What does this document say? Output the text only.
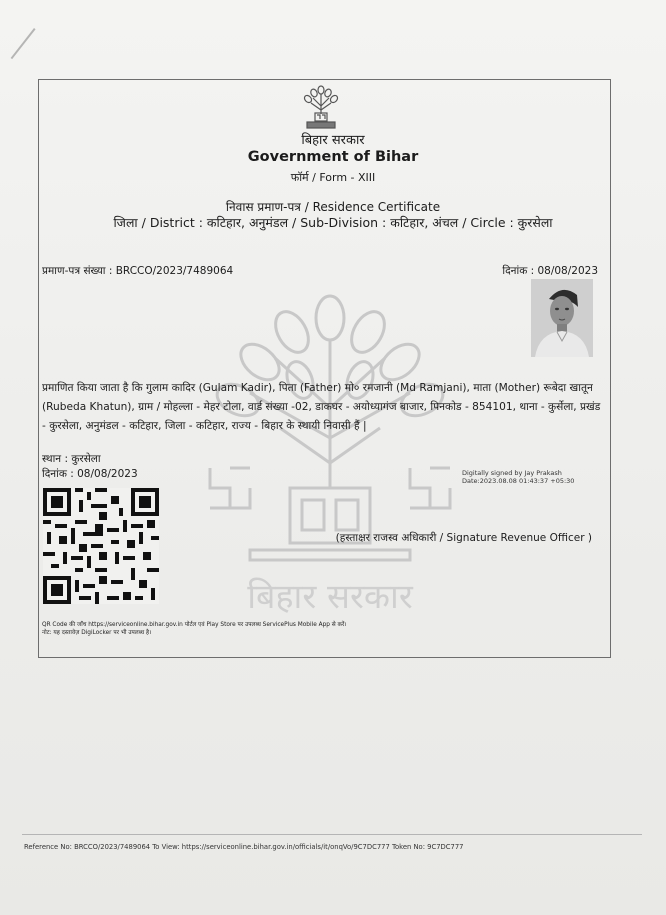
बिहार सरकार
Government of Bihar
फॉर्म / Form - XIII
निवास प्रमाण-पत्र / Residence Certificate
जिला / District : कटिहार, अनुमंडल / Sub-Division : कटिहार, अंचल / Circle : कुरसेला
प्रमाण-पत्र संख्या : BRCCO/2023/7489064	दिनांक : 08/08/2023
बिहार सरकार
प्रमाणित किया जाता है कि गुलाम कादिर (Gulam Kadir), पिता (Father) मो० रमजानी (Md Ramjani), माता (Mother) रूबेदा खातून (Rubeda Khatun), ग्राम / मोहल्ला - मेहर टोला, वार्ड संख्या -02, डाकघर - अयोध्यागंज बाजार, पिनकोड - 854101, थाना - कुर्सेला, प्रखंड - कुरसेला, अनुमंडल - कटिहार, जिला - कटिहार, राज्य - बिहार के स्थायी निवासी हैं |
स्थान : कुरसेला
दिनांक : 08/08/2023	Digitally signed by Jay Prakash
Date:2023.08.08 01:43:37 +05:30
(हस्ताक्षर राजस्व अधिकारी / Signature Revenue Officer )
QR Code की जाँच https://serviceonline.bihar.gov.in पोर्टल एवं Play Store पर उपलब्ध ServicePlus Mobile App से करें।
नोट: यह दस्तावेज़ DigiLocker पर भी उपलब्ध है।
Reference No: BRCCO/2023/7489064 To View: https://serviceonline.bihar.gov.in/officials/it/onqVo/9C7DC777 Token No: 9C7DC777
